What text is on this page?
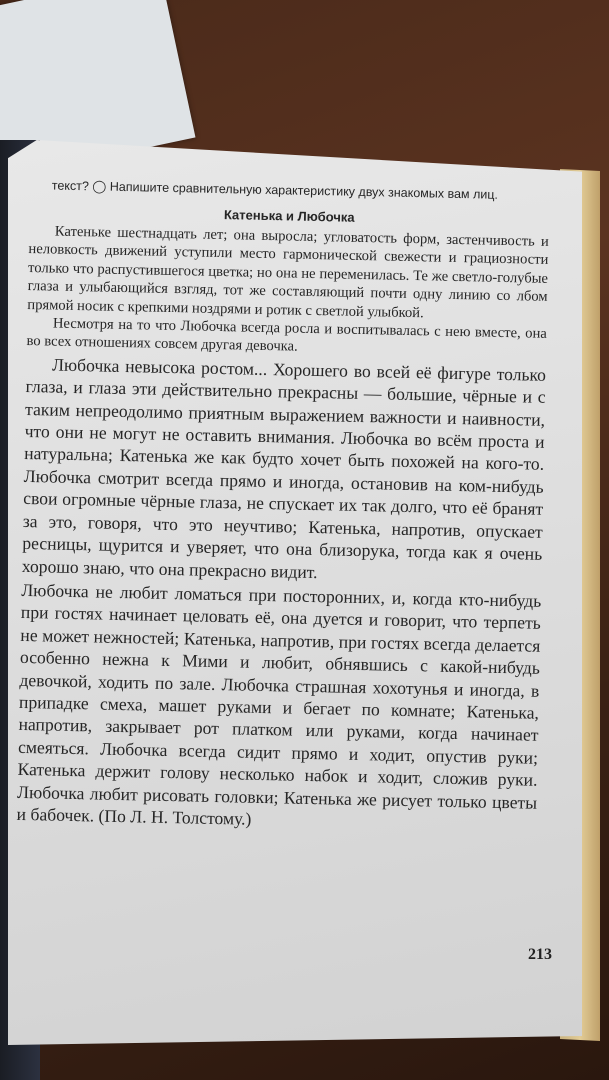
текст? ◯ Напишите сравнительную характеристику двух знакомых вам лиц.

Катенька и Любочка

Катеньке шестнадцать лет; она выросла; угловатость форм, застенчивость и неловкость движений уступили место гармонической свежести и грациозности только что распустившегося цветка; но она не переменилась. Те же светло-голубые глаза и улыбающийся взгляд, тот же составляющий почти одну линию со лбом прямой носик с крепкими ноздрями и ротик с светлой улыбкой.

Несмотря на то что Любочка всегда росла и воспитывалась с нею вместе, она во всех отношениях совсем другая девочка.

Любочка невысока ростом... Хорошего во всей её фигуре только глаза, и глаза эти действительно прекрасны — большие, чёрные и с таким непреодолимо приятным выражением важности и наивности, что они не могут не оставить внимания. Любочка во всём проста и натуральна; Катенька же как будто хочет быть похожей на кого-то. Любочка смотрит всегда прямо и иногда, остановив на ком-нибудь свои огромные чёрные глаза, не спускает их так долго, что её бранят за это, говоря, что это неучтиво; Катенька, напротив, опускает ресницы, щурится и уверяет, что она близорука, тогда как я очень хорошо знаю, что она прекрасно видит.

Любочка не любит ломаться при посторонних, и, когда кто-нибудь при гостях начинает целовать её, она дуется и говорит, что терпеть не может нежностей; Катенька, напротив, при гостях всегда делается особенно нежна к Мими и любит, обнявшись с какой-нибудь девочкой, ходить по зале. Любочка страшная хохотунья и иногда, в припадке смеха, машет руками и бегает по комнате; Катенька, напротив, закрывает рот платком или руками, когда начинает смеяться. Любочка всегда сидит прямо и ходит, опустив руки; Катенька держит голову несколько набок и ходит, сложив руки. Любочка любит рисовать головки; Катенька же рисует только цветы и бабочек. (По Л. Н. Толстому.)

213
